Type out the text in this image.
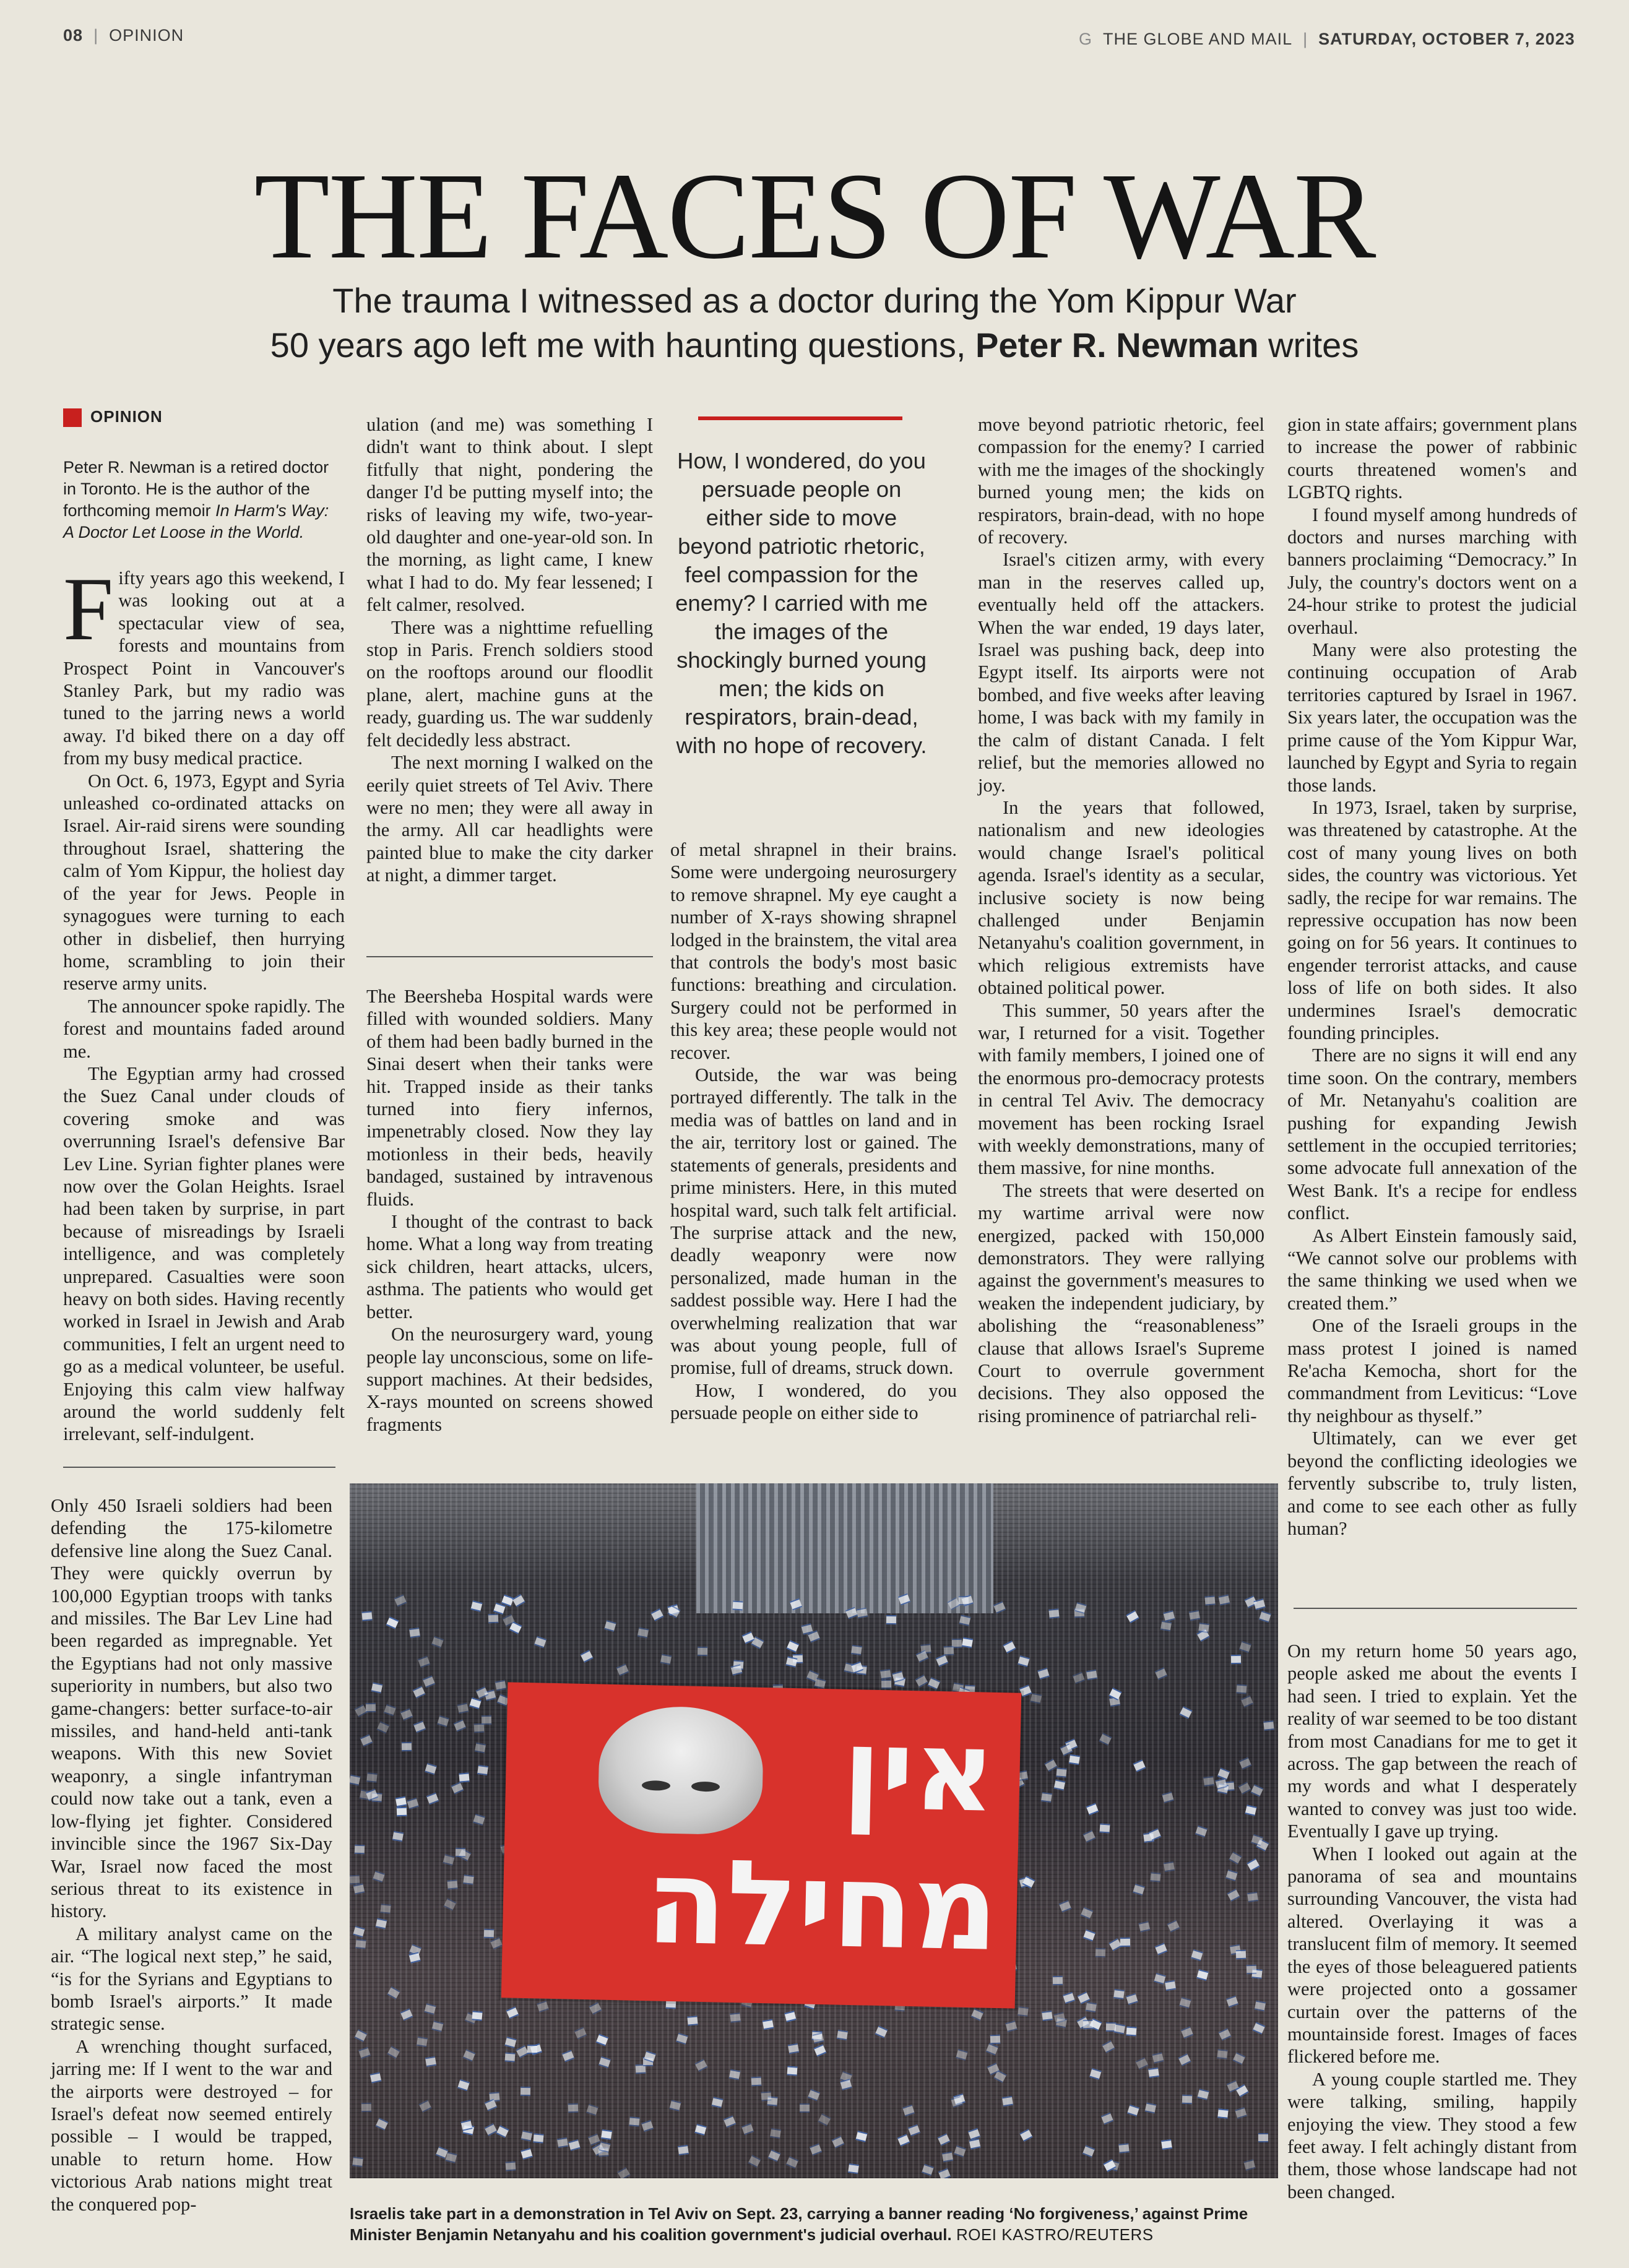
08  |  OPINION	G THE GLOBE AND MAIL  |  SATURDAY, OCTOBER 7, 2023
THE FACES OF WAR
The trauma I witnessed as a doctor during the Yom Kippur War
50 years ago left me with haunting questions, Peter R. Newman writes
OPINION
Peter R. Newman is a retired doctor in Toronto. He is the author of the forthcoming memoir In Harm's Way: A Doctor Let Loose in the World.

Fifty years ago this weekend, I was looking out at a spectacular view of sea, forests and mountains from Prospect Point in Vancouver's Stanley Park, but my radio was tuned to the jarring news a world away. I'd biked there on a day off from my busy medical practice.

On Oct. 6, 1973, Egypt and Syria unleashed co-ordinated attacks on Israel. Air-raid sirens were sounding throughout Israel, shattering the calm of Yom Kippur, the holiest day of the year for Jews. People in synagogues were turning to each other in disbelief, then hurrying home, scrambling to join their reserve army units.

The announcer spoke rapidly. The forest and mountains faded around me.

The Egyptian army had crossed the Suez Canal under clouds of covering smoke and was overrunning Israel's defensive Bar Lev Line. Syrian fighter planes were now over the Golan Heights. Israel had been taken by surprise, in part because of misreadings by Israeli intelligence, and was completely unprepared. Casualties were soon heavy on both sides. Having recently worked in Israel in Jewish and Arab communities, I felt an urgent need to go as a medical volunteer, be useful. Enjoying this calm view halfway around the world suddenly felt irrelevant, self-indulgent.

Only 450 Israeli soldiers had been defending the 175-kilometre defensive line along the Suez Canal. They were quickly overrun by 100,000 Egyptian troops with tanks and missiles. The Bar Lev Line had been regarded as impregnable. Yet the Egyptians had not only massive superiority in numbers, but also two game-changers: better surface-to-air missiles, and hand-held anti-tank weapons. With this new Soviet weaponry, a single infantryman could now take out a tank, even a low-flying jet fighter. Considered invincible since the 1967 Six-Day War, Israel now faced the most serious threat to its existence in history.

A military analyst came on the air. “The logical next step,” he said, “is for the Syrians and Egyptians to bomb Israel's airports.” It made strategic sense.

A wrenching thought surfaced, jarring me: If I went to the war and the airports were destroyed – for Israel's defeat now seemed entirely possible – I would be trapped, unable to return home. How victorious Arab nations might treat the conquered pop-

ulation (and me) was something I didn't want to think about. I slept fitfully that night, pondering the danger I'd be putting myself into; the risks of leaving my wife, two-year-old daughter and one-year-old son. In the morning, as light came, I knew what I had to do. My fear lessened; I felt calmer, resolved.

There was a nighttime refuelling stop in Paris. French soldiers stood on the rooftops around our floodlit plane, alert, machine guns at the ready, guarding us. The war suddenly felt decidedly less abstract.

The next morning I walked on the eerily quiet streets of Tel Aviv. There were no men; they were all away in the army. All car headlights were painted blue to make the city darker at night, a dimmer target.

The Beersheba Hospital wards were filled with wounded soldiers. Many of them had been badly burned in the Sinai desert when their tanks were hit. Trapped inside as their tanks turned into fiery infernos, impenetrably closed. Now they lay motionless in their beds, heavily bandaged, sustained by intravenous fluids.

I thought of the contrast to back home. What a long way from treating sick children, heart attacks, ulcers, asthma. The patients who would get better.

On the neurosurgery ward, young people lay unconscious, some on life-support machines. At their bedsides, X-rays mounted on screens showed fragments

How, I wondered, do you persuade people on either side to move beyond patriotic rhetoric, feel compassion for the enemy? I carried with me the images of the shockingly burned young men; the kids on respirators, brain-dead, with no hope of recovery.

of metal shrapnel in their brains. Some were undergoing neurosurgery to remove shrapnel. My eye caught a number of X-rays showing shrapnel lodged in the brainstem, the vital area that controls the body's most basic functions: breathing and circulation. Surgery could not be performed in this key area; these people would not recover.

Outside, the war was being portrayed differently. The talk in the media was of battles on land and in the air, territory lost or gained. The statements of generals, presidents and prime ministers. Here, in this muted hospital ward, such talk felt artificial. The surprise attack and the new, deadly weaponry were now personalized, made human in the saddest possible way. Here I had the overwhelming realization that war was about young people, full of promise, full of dreams, struck down.

How, I wondered, do you persuade people on either side to

move beyond patriotic rhetoric, feel compassion for the enemy? I carried with me the images of the shockingly burned young men; the kids on respirators, brain-dead, with no hope of recovery.

Israel's citizen army, with every man in the reserves called up, eventually held off the attackers. When the war ended, 19 days later, Israel was pushing back, deep into Egypt itself. Its airports were not bombed, and five weeks after leaving home, I was back with my family in the calm of distant Canada. I felt relief, but the memories allowed no joy.

In the years that followed, nationalism and new ideologies would change Israel's political agenda. Israel's identity as a secular, inclusive society is now being challenged under Benjamin Netanyahu's coalition government, in which religious extremists have obtained political power.

This summer, 50 years after the war, I returned for a visit. Together with family members, I joined one of the enormous pro-democracy protests in central Tel Aviv. The democracy movement has been rocking Israel with weekly demonstrations, many of them massive, for nine months.

The streets that were deserted on my wartime arrival were now energized, packed with 150,000 demonstrators. They were rallying against the government's measures to weaken the independent judiciary, by abolishing the “reasonableness” clause that allows Israel's Supreme Court to overrule government decisions. They also opposed the rising prominence of patriarchal reli-

gion in state affairs; government plans to increase the power of rabbinic courts threatened women's and LGBTQ rights.

I found myself among hundreds of doctors and nurses marching with banners proclaiming “Democracy.” In July, the country's doctors went on a 24-hour strike to protest the judicial overhaul.

Many were also protesting the continuing occupation of Arab territories captured by Israel in 1967. Six years later, the occupation was the prime cause of the Yom Kippur War, launched by Egypt and Syria to regain those lands.

In 1973, Israel, taken by surprise, was threatened by catastrophe. At the cost of many young lives on both sides, the country was victorious. Yet sadly, the recipe for war remains. The repressive occupation has now been going on for 56 years. It continues to engender terrorist attacks, and cause loss of life on both sides. It also undermines Israel's democratic founding principles.

There are no signs it will end any time soon. On the contrary, members of Mr. Netanyahu's coalition are pushing for expanding Jewish settlement in the occupied territories; some advocate full annexation of the West Bank. It's a recipe for endless conflict.

As Albert Einstein famously said, “We cannot solve our problems with the same thinking we used when we created them.”

One of the Israeli groups in the mass protest I joined is named Re'acha Kemocha, short for the commandment from Leviticus: “Love thy neighbour as thyself.”

Ultimately, can we ever get beyond the conflicting ideologies we fervently subscribe to, truly listen, and come to see each other as fully human?

On my return home 50 years ago, people asked me about the events I had seen. I tried to explain. Yet the reality of war seemed to be too distant from most Canadians for me to get it across. The gap between the reach of my words and what I desperately wanted to convey was just too wide. Eventually I gave up trying.

When I looked out again at the panorama of sea and mountains surrounding Vancouver, the vista had altered. Overlaying it was a translucent film of memory. It seemed the eyes of those beleaguered patients were projected onto a gossamer curtain over the patterns of the mountainside forest. Images of faces flickered before me.

A young couple startled me. They were talking, smiling, happily enjoying the view. They stood a few feet away. I felt achingly distant from them, those whose landscape had not been changed.

אין
מחילה
Israelis take part in a demonstration in Tel Aviv on Sept. 23, carrying a banner reading ‘No forgiveness,’ against Prime Minister Benjamin Netanyahu and his coalition government's judicial overhaul. ROEI KASTRO/REUTERS
